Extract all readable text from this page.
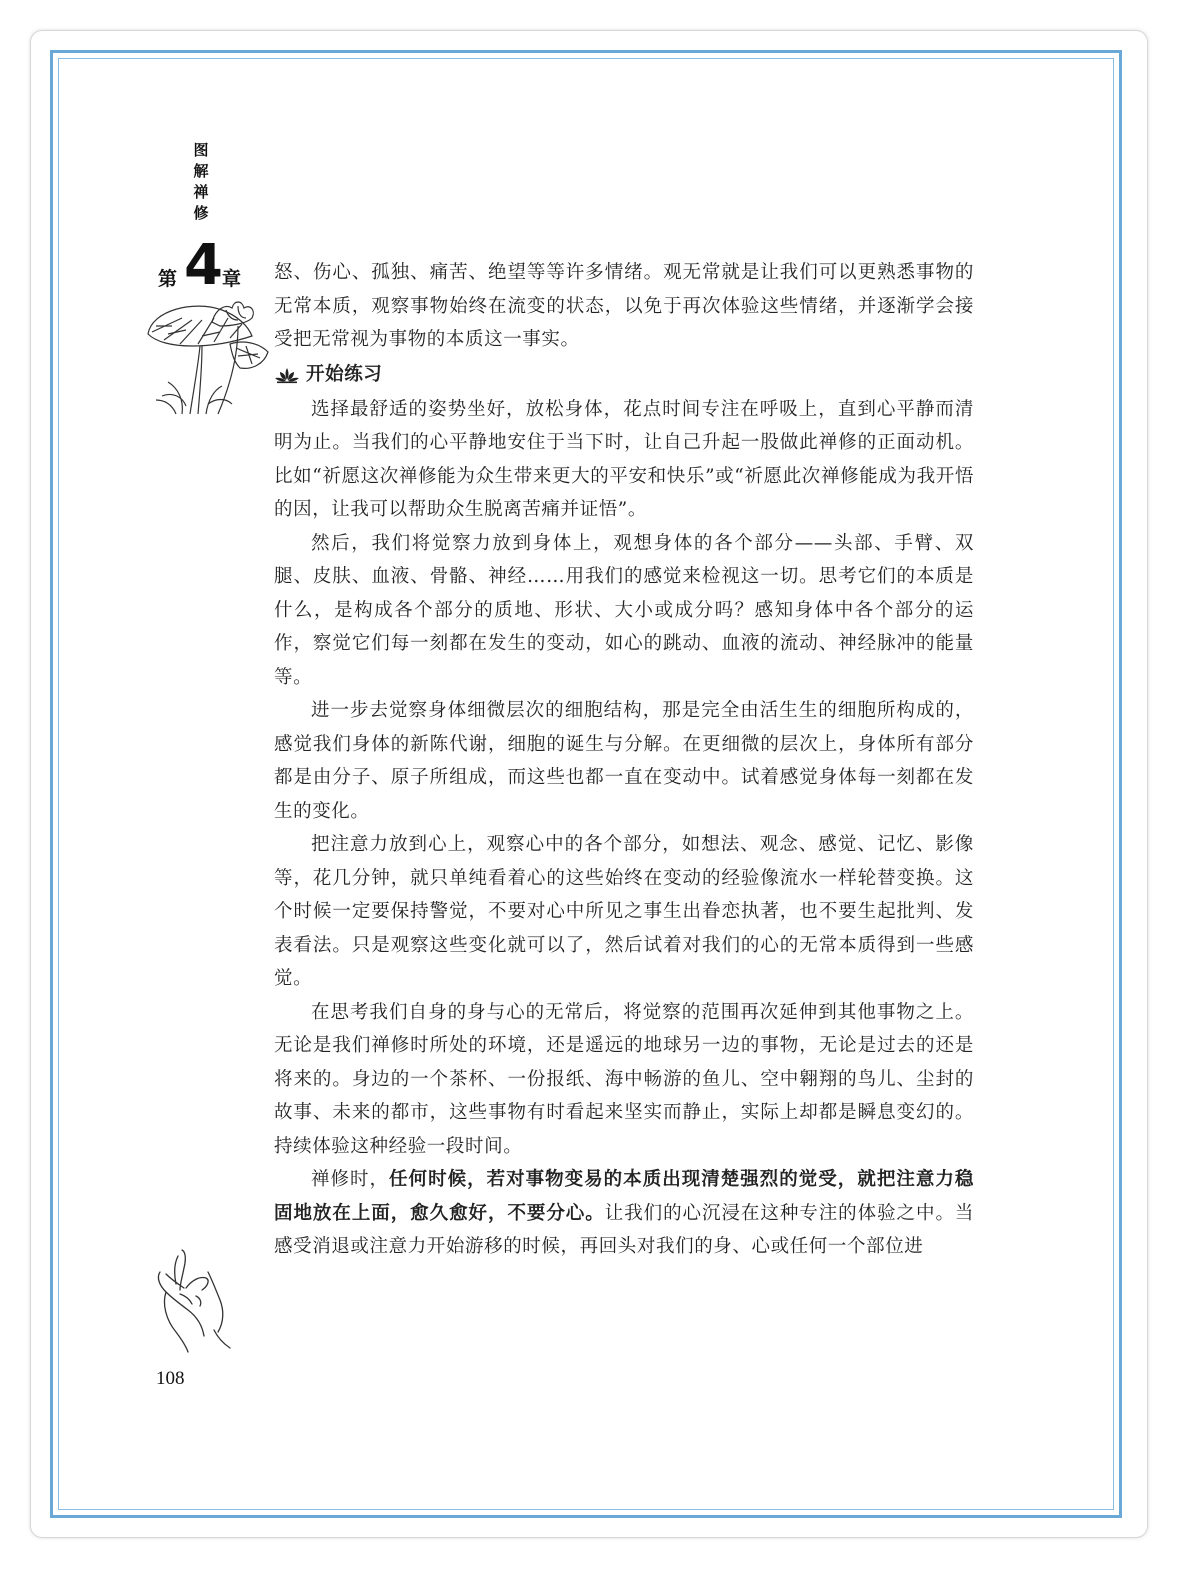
图解禅修
第 4 章 怒、伤心、孤独、痛苦、绝望等等许多情绪。观无常就是让我们可以更熟悉事物的无常本质，观察事物始终在流变的状态，以免于再次体验这些情绪，并逐渐学会接受把无常视为事物的本质这一事实。

开始练习

选择最舒适的姿势坐好，放松身体，花点时间专注在呼吸上，直到心平静而清明为止。当我们的心平静地安住于当下时，让自己升起一股做此禅修的正面动机。比如“祈愿这次禅修能为众生带来更大的平安和快乐”或“祈愿此次禅修能成为我开悟的因，让我可以帮助众生脱离苦痛并证悟”。

然后，我们将觉察力放到身体上，观想身体的各个部分——头部、手臂、双腿、皮肤、血液、骨骼、神经……用我们的感觉来检视这一切。思考它们的本质是什么，是构成各个部分的质地、形状、大小或成分吗？感知身体中各个部分的运作，察觉它们每一刻都在发生的变动，如心的跳动、血液的流动、神经脉冲的能量等。

进一步去觉察身体细微层次的细胞结构，那是完全由活生生的细胞所构成的，感觉我们身体的新陈代谢，细胞的诞生与分解。在更细微的层次上，身体所有部分都是由分子、原子所组成，而这些也都一直在变动中。试着感觉身体每一刻都在发生的变化。

把注意力放到心上，观察心中的各个部分，如想法、观念、感觉、记忆、影像等，花几分钟，就只单纯看着心的这些始终在变动的经验像流水一样轮替变换。这个时候一定要保持警觉，不要对心中所见之事生出眷恋执著，也不要生起批判、发表看法。只是观察这些变化就可以了，然后试着对我们的心的无常本质得到一些感觉。

在思考我们自身的身与心的无常后，将觉察的范围再次延伸到其他事物之上。无论是我们禅修时所处的环境，还是遥远的地球另一边的事物，无论是过去的还是将来的。身边的一个茶杯、一份报纸、海中畅游的鱼儿、空中翱翔的鸟儿、尘封的故事、未来的都市，这些事物有时看起来坚实而静止，实际上却都是瞬息变幻的。持续体验这种经验一段时间。

禅修时，任何时候，若对事物变易的本质出现清楚强烈的觉受，就把注意力稳固地放在上面，愈久愈好，不要分心。让我们的心沉浸在这种专注的体验之中。当感受消退或注意力开始游移的时候，再回头对我们的身、心或任何一个部位进

108
